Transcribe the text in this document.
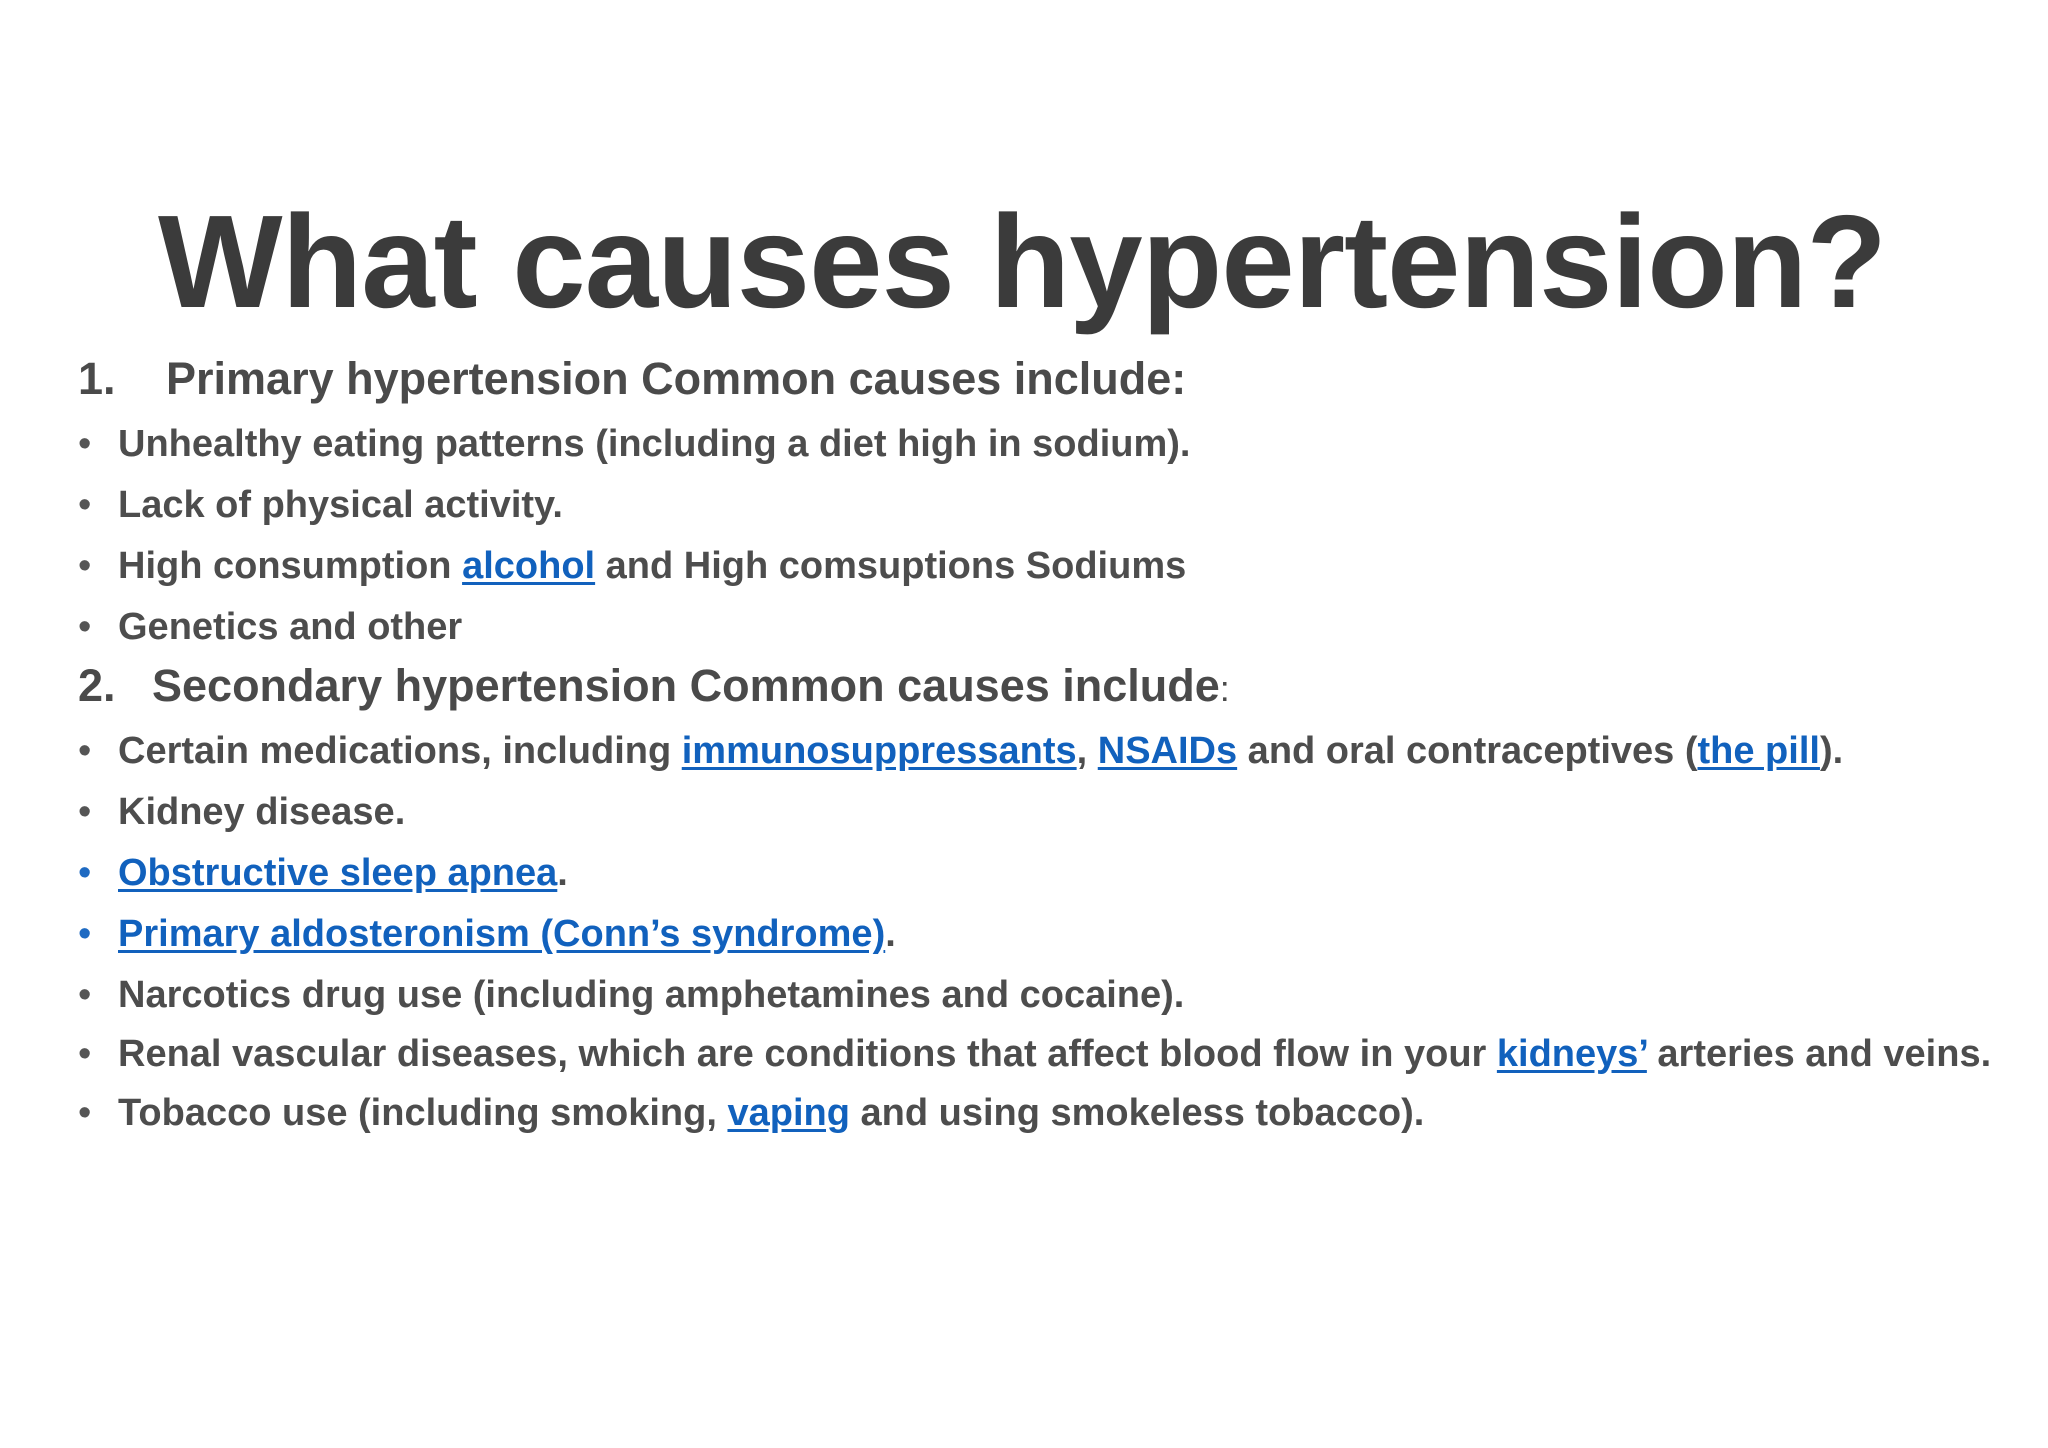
What causes hypertension?
1.	Primary hypertension Common causes include:
• Unhealthy eating patterns (including a diet high in sodium).
• Lack of physical activity.
• High consumption alcohol and High comsuptions Sodiums
• Genetics and other
2. Secondary hypertension Common causes include :
• Certain medications, including immunosuppressants, NSAIDs and oral contraceptives (the pill).
• Kidney disease.
• Obstructive sleep apnea.
• Primary aldosteronism (Conn’s syndrome).
• Narcotics drug use (including amphetamines and cocaine).
• Renal vascular diseases, which are conditions that affect blood flow in your kidneys’ arteries and veins.
• Tobacco use (including smoking, vaping and using smokeless tobacco).
